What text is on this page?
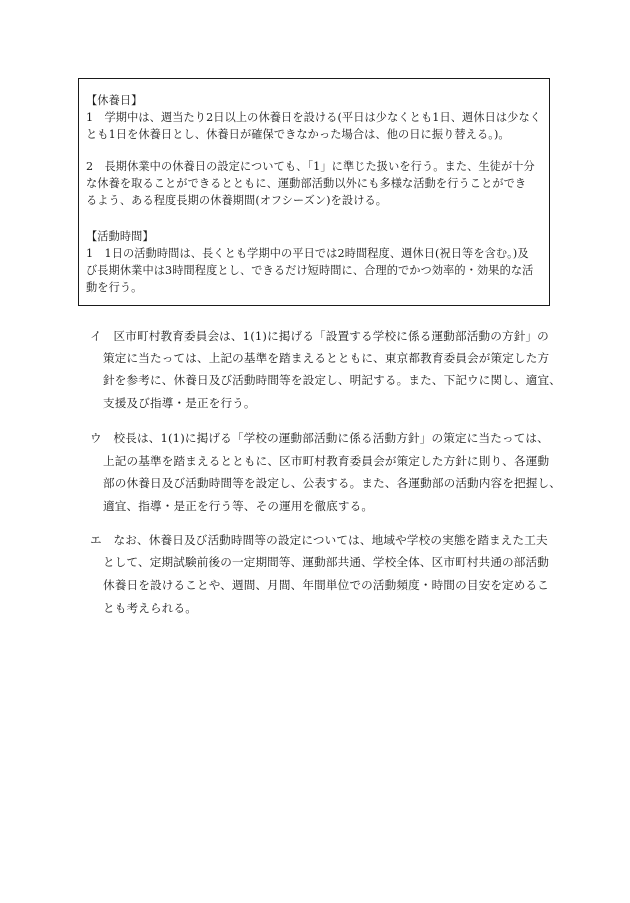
【休養日】
1　学期中は、週当たり2日以上の休養日を設ける(平日は少なくとも1日、週休日は少なく
とも1日を休養日とし、休養日が確保できなかった場合は、他の日に振り替える。)。
2　長期休業中の休養日の設定についても、「1」に準じた扱いを行う。また、生徒が十分
な休養を取ることができるとともに、運動部活動以外にも多様な活動を行うことができ
るよう、ある程度長期の休養期間(オフシーズン)を設ける。
【活動時間】
1　1日の活動時間は、長くとも学期中の平日では2時間程度、週休日(祝日等を含む。)及
び長期休業中は3時間程度とし、できるだけ短時間に、合理的でかつ効率的・効果的な活
動を行う。
イ　区市町村教育委員会は、1(1)に掲げる「設置する学校に係る運動部活動の方針」の
策定に当たっては、上記の基準を踏まえるとともに、東京都教育委員会が策定した方
針を参考に、休養日及び活動時間等を設定し、明記する。また、下記ウに関し、適宜、
支援及び指導・是正を行う。
ウ　校長は、1(1)に掲げる「学校の運動部活動に係る活動方針」の策定に当たっては、
上記の基準を踏まえるとともに、区市町村教育委員会が策定した方針に則り、各運動
部の休養日及び活動時間等を設定し、公表する。また、各運動部の活動内容を把握し、
適宜、指導・是正を行う等、その運用を徹底する。
エ　なお、休養日及び活動時間等の設定については、地域や学校の実態を踏まえた工夫
として、定期試験前後の一定期間等、運動部共通、学校全体、区市町村共通の部活動
休養日を設けることや、週間、月間、年間単位での活動頻度・時間の目安を定めるこ
とも考えられる。
